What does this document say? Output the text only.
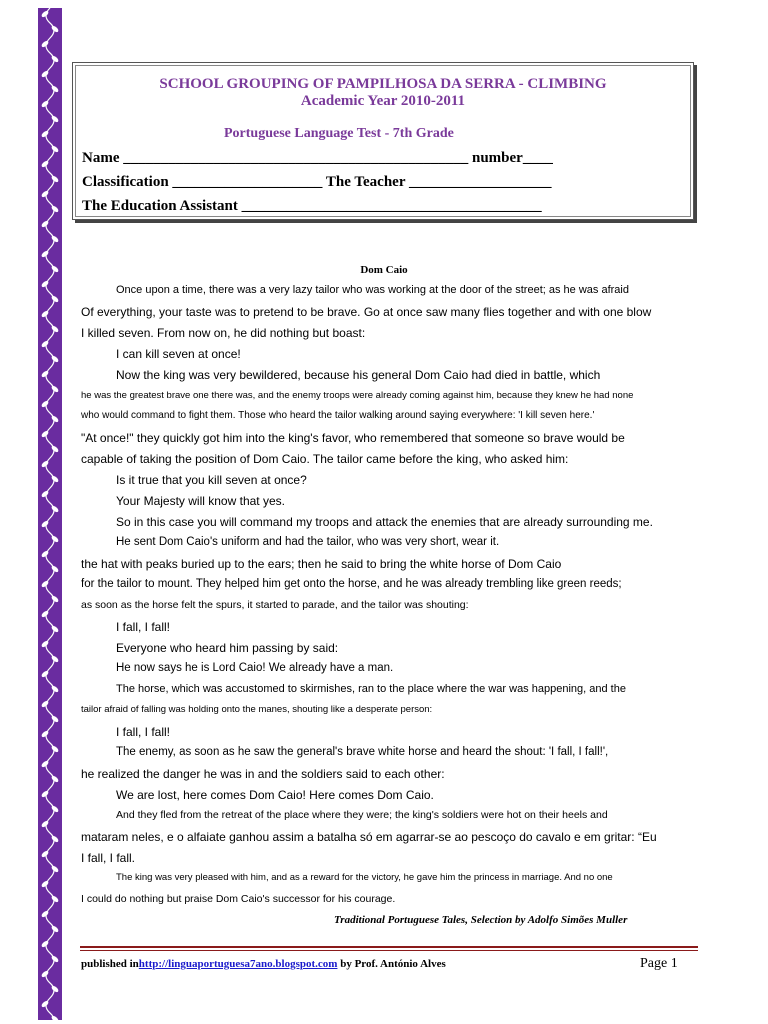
SCHOOL GROUPING OF PAMPILHOSA DA SERRA - CLIMBING
Academic Year 2010-2011
Portuguese Language Test - 7th Grade
Name ______________________________________________ number____
Classification ____________________ The Teacher ___________________
The Education Assistant ________________________________________
Dom Caio
Once upon a time, there was a very lazy tailor who was working at the door of the street; as he was afraid
Of everything, your taste was to pretend to be brave. Go at once saw many flies together and with one blow
I killed seven. From now on, he did nothing but boast:
I can kill seven at once!
Now the king was very bewildered, because his general Dom Caio had died in battle, which
he was the greatest brave one there was, and the enemy troops were already coming against him, because they knew he had none
who would command to fight them. Those who heard the tailor walking around saying everywhere: 'I kill seven here.'
"At once!" they quickly got him into the king's favor, who remembered that someone so brave would be
capable of taking the position of Dom Caio. The tailor came before the king, who asked him:
Is it true that you kill seven at once?
Your Majesty will know that yes.
So in this case you will command my troops and attack the enemies that are already surrounding me.
He sent Dom Caio's uniform and had the tailor, who was very short, wear it.
the hat with peaks buried up to the ears; then he said to bring the white horse of Dom Caio
for the tailor to mount. They helped him get onto the horse, and he was already trembling like green reeds;
as soon as the horse felt the spurs, it started to parade, and the tailor was shouting:
I fall, I fall!
Everyone who heard him passing by said:
He now says he is Lord Caio! We already have a man.
The horse, which was accustomed to skirmishes, ran to the place where the war was happening, and the
tailor afraid of falling was holding onto the manes, shouting like a desperate person:
I fall, I fall!
The enemy, as soon as he saw the general's brave white horse and heard the shout: 'I fall, I fall!',
he realized the danger he was in and the soldiers said to each other:
We are lost, here comes Dom Caio! Here comes Dom Caio.
And they fled from the retreat of the place where they were; the king's soldiers were hot on their heels and
mataram neles, e o alfaiate ganhou assim a batalha só em agarrar-se ao pescoço do cavalo e em gritar: “Eu
I fall, I fall.
The king was very pleased with him, and as a reward for the victory, he gave him the princess in marriage. And no one
I could do nothing but praise Dom Caio's successor for his courage.
Traditional Portuguese Tales, Selection by Adolfo Simões Muller
published inhttp://linguaportuguesa7ano.blogspot.com by Prof. António Alves	Page 1
